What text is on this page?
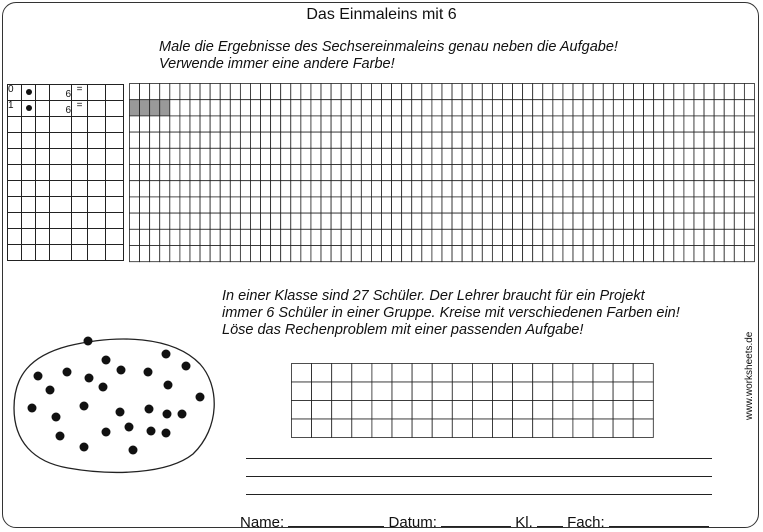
Das Einmaleins mit 6
Male die Ergebnisse des Sechsereinmaleins genau neben die Aufgabe!
Verwende immer eine andere Farbe!
0			6	=		
1			6	=		

In einer Klasse sind 27 Schüler. Der Lehrer braucht für ein Projekt
immer 6 Schüler in einer Gruppe. Kreise mit verschiedenen Farben ein!
Löse das Rechenproblem mit einer passenden Aufgabe!
Name:	Datum:	Kl. Fach:
www.worksheets.de
